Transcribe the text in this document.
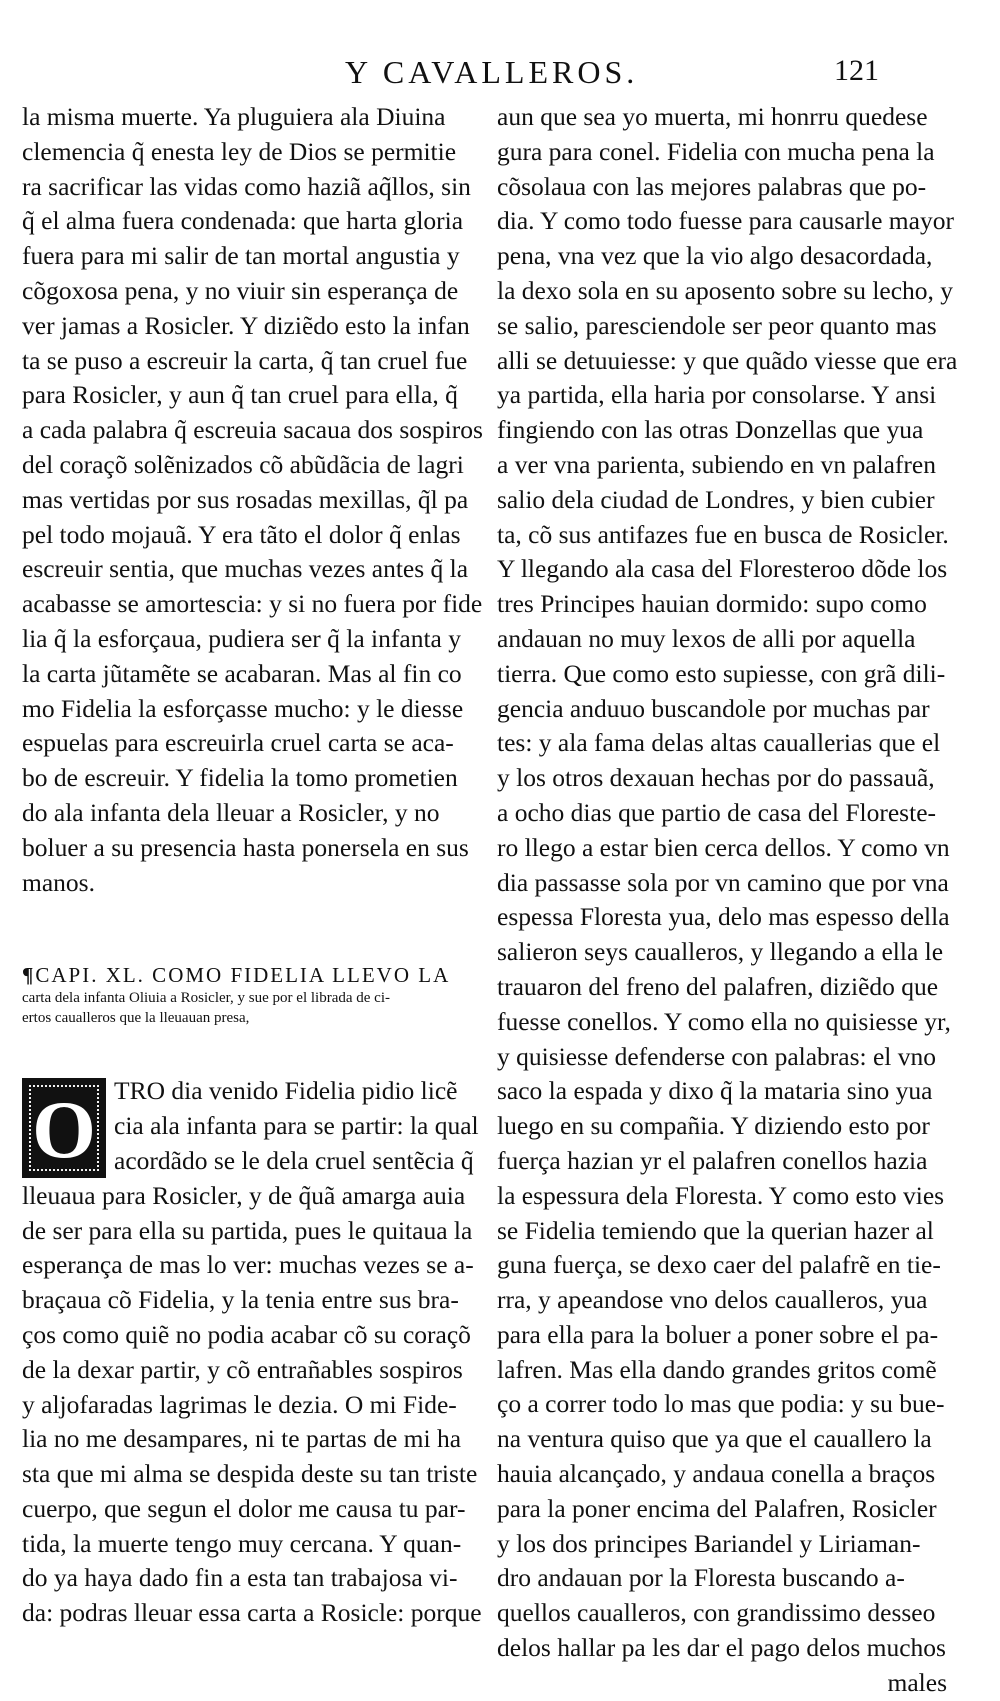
Y CAVALLEROS.	121
la misma muerte. Ya pluguiera ala Diuina
clemencia q̃ enesta ley de Dios se permitie
ra sacrificar las vidas como haziã aq̃llos, sin
q̃ el alma fuera condenada: que harta gloria
fuera para mi salir de tan mortal angustia y
cõgoxosa pena, y no viuir sin esperança de
ver jamas a Rosicler. Y diziẽdo esto la infan
ta se puso a escreuir la carta, q̃ tan cruel fue
para Rosicler, y aun q̃ tan cruel para ella, q̃
a cada palabra q̃ escreuia sacaua dos sospiros
del coraçõ solẽnizados cõ abũdãcia de lagri
mas vertidas por sus rosadas mexillas, q̃l pa
pel todo mojauã. Y era tãto el dolor q̃ enlas
escreuir sentia, que muchas vezes antes q̃ la
acabasse se amortescia: y si no fuera por fide
lia q̃ la esforçaua, pudiera ser q̃ la infanta y
la carta jũtamẽte se acabaran. Mas al fin co
mo Fidelia la esforçasse mucho: y le diesse
espuelas para escreuirla cruel carta se aca-
bo de escreuir. Y fidelia la tomo prometien
do ala infanta dela lleuar a Rosicler, y no
boluer a su presencia hasta ponersela en sus
manos.
¶CAPI. XL. COMO FIDELIA LLEVO LA
carta dela infanta Oliuia a Rosicler, y sue por el librada de ci-
ertos caualleros que la lleuauan presa,
O TRO dia venido Fidelia pidio licẽ
cia ala infanta para se partir: la qual
acordãdo se le dela cruel sentẽcia q̃
lleuaua para Rosicler, y de q̃uã amarga auia
de ser para ella su partida, pues le quitaua la
esperança de mas lo ver: muchas vezes se a-
braçaua cõ Fidelia, y la tenia entre sus bra-
ços como quiẽ no podia acabar cõ su coraçõ
de la dexar partir, y cõ entrañables sospiros
y aljofaradas lagrimas le dezia. O mi Fide-
lia no me desampares, ni te partas de mi ha
sta que mi alma se despida deste su tan triste
cuerpo, que segun el dolor me causa tu par-
tida, la muerte tengo muy cercana. Y quan-
do ya haya dado fin a esta tan trabajosa vi-
da: podras lleuar essa carta a Rosicle: porque
aun que sea yo muerta, mi honrru quedese
gura para conel. Fidelia con mucha pena la
cõsolaua con las mejores palabras que po-
dia. Y como todo fuesse para causarle mayor
pena, vna vez que la vio algo desacordada,
la dexo sola en su aposento sobre su lecho, y
se salio, paresciendole ser peor quanto mas
alli se detuuiesse: y que quãdo viesse que era
ya partida, ella haria por consolarse. Y ansi
fingiendo con las otras Donzellas que yua
a ver vna parienta, subiendo en vn palafren
salio dela ciudad de Londres, y bien cubier
ta, cõ sus antifazes fue en busca de Rosicler.
Y llegando ala casa del Floresteroo dõde los
tres Principes hauian dormido: supo como
andauan no muy lexos de alli por aquella
tierra. Que como esto supiesse, con grã dili-
gencia anduuo buscandole por muchas par
tes: y ala fama delas altas cauallerias que el
y los otros dexauan hechas por do passauã,
a ocho dias que partio de casa del Floreste-
ro llego a estar bien cerca dellos. Y como vn
dia passasse sola por vn camino que por vna
espessa Floresta yua, delo mas espesso della
salieron seys caualleros, y llegando a ella le
trauaron del freno del palafren, diziẽdo que
fuesse conellos. Y como ella no quisiesse yr,
y quisiesse defenderse con palabras: el vno
saco la espada y dixo q̃ la mataria sino yua
luego en su compañia. Y diziendo esto por
fuerça hazian yr el palafren conellos hazia
la espessura dela Floresta. Y como esto vies
se Fidelia temiendo que la querian hazer al
guna fuerça, se dexo caer del palafrẽ en tie-
rra, y apeandose vno delos caualleros, yua
para ella para la boluer a poner sobre el pa-
lafren. Mas ella dando grandes gritos comẽ
ço a correr todo lo mas que podia: y su bue-
na ventura quiso que ya que el cauallero la
hauia alcançado, y andaua conella a braços
para la poner encima del Palafren, Rosicler
y los dos principes Bariandel y Liriaman-
dro andauan por la Floresta buscando a-
quellos caualleros, con grandissimo desseo
delos hallar pa les dar el pago delos muchos
males
